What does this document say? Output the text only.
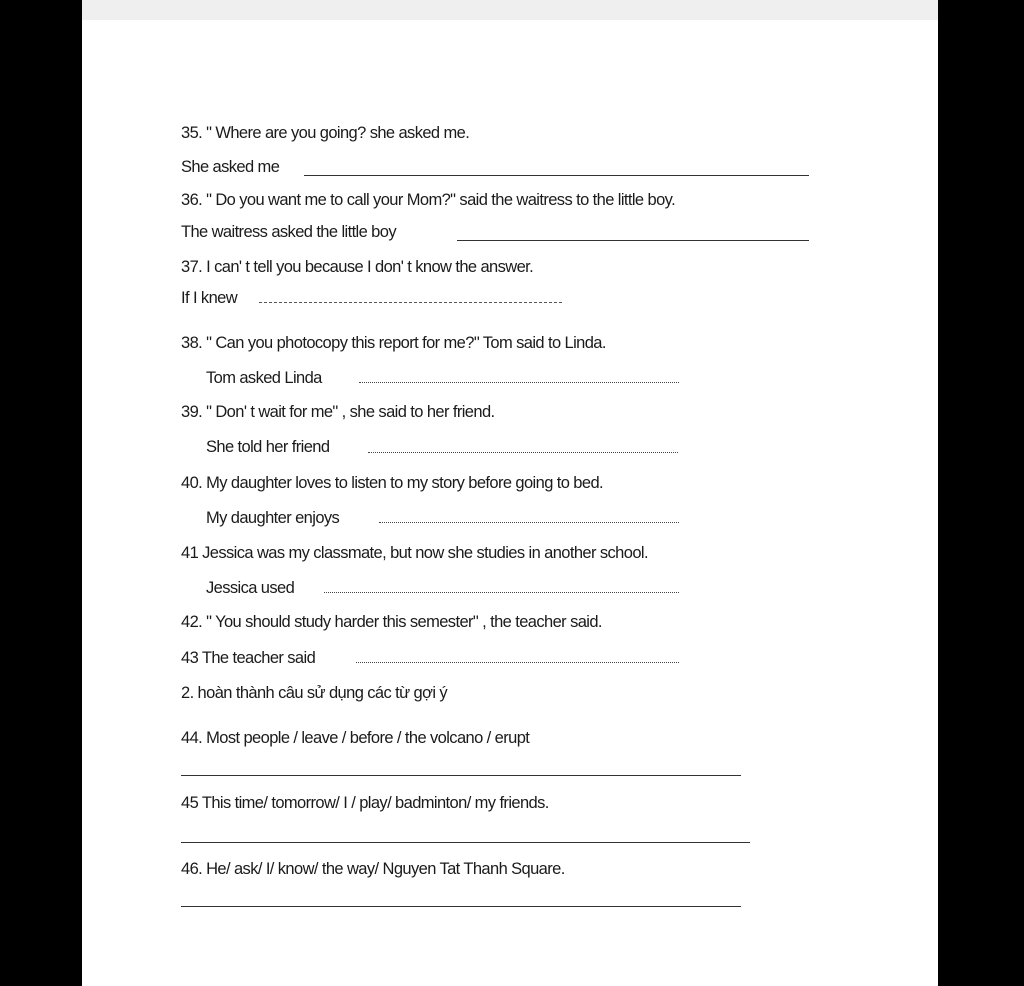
35. " Where are you going? she asked me.
She asked me
36. " Do you want me to call your Mom?" said the waitress to the little boy.
The waitress asked the little boy
37. I can' t tell you because I don' t know the answer.
If I knew
38. " Can you photocopy this report for me?" Tom said to Linda.
Tom asked Linda
39. " Don' t wait for me" , she said to her friend.
She told her friend
40. My daughter loves to listen to my story before going to bed.
My daughter enjoys
41 Jessica was my classmate, but now she studies in another school.
Jessica used
42. " You should study harder this semester" , the teacher said.
43 The teacher said
2. hoàn thành câu sử dụng các từ gợi ý
44. Most people / leave / before / the volcano / erupt
45 This time/ tomorrow/ I / play/ badminton/ my friends.
46. He/ ask/ I/ know/ the way/ Nguyen Tat Thanh Square.
